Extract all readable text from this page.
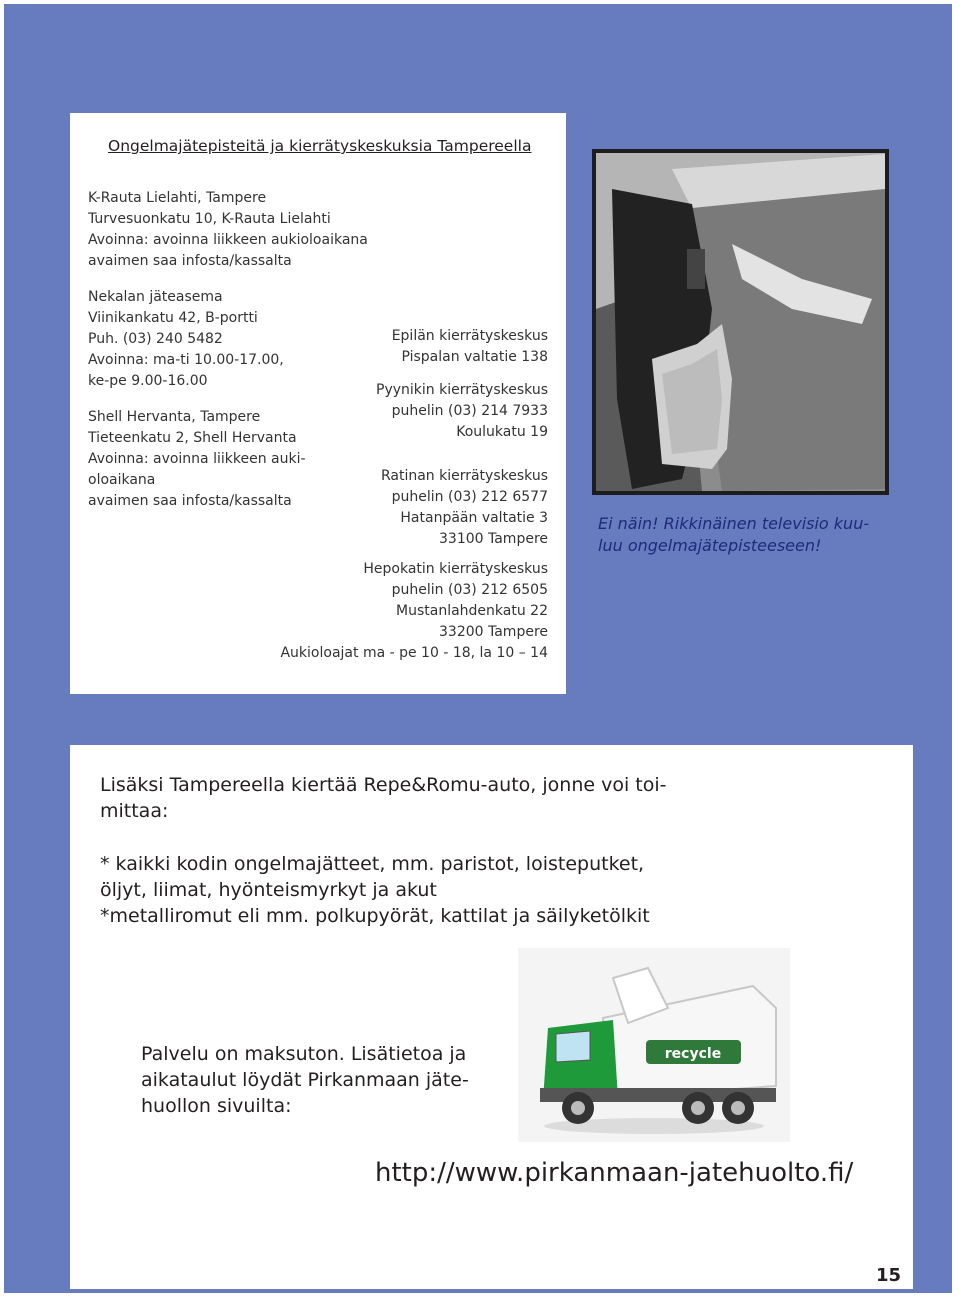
Ongelmajätepisteitä ja kierrätyskeskuksia Tampereella
K-Rauta Lielahti, Tampere
Turvesuonkatu 10, K-Rauta Lielahti
Avoinna: avoinna liikkeen aukioloaikana
avaimen saa infosta/kassalta
Nekalan jäteasema
Viinikankatu 42, B-portti
Puh. (03) 240 5482
Avoinna: ma-ti 10.00-17.00,
ke-pe 9.00-16.00
Shell Hervanta, Tampere
Tieteenkatu 2, Shell Hervanta
Avoinna: avoinna liikkeen auki-
oloaikana
avaimen saa infosta/kassalta
Epilän kierrätyskeskus
Pispalan valtatie 138
Pyynikin kierrätyskeskus
puhelin (03) 214 7933
Koulukatu 19
Ratinan kierrätyskeskus
puhelin (03) 212 6577
Hatanpään valtatie 3
33100 Tampere
Hepokatin kierrätyskeskus
puhelin (03) 212 6505
Mustanlahdenkatu 22
33200 Tampere
Aukioloajat ma - pe 10 - 18, la 10 – 14
Ei näin! Rikkinäinen televisio kuu-
luu ongelmajätepisteeseen!
Lisäksi Tampereella kiertää Repe&Romu-auto, jonne voi toi-
mittaa:
* kaikki kodin ongelmajätteet, mm. paristot, loisteputket,
öljyt, liimat, hyönteismyrkyt ja akut
*metalliromut eli mm. polkupyörät, kattilat ja säilyketölkit
recycle
Palvelu on maksuton. Lisätietoa ja
aikataulut löydät Pirkanmaan jäte-
huollon sivuilta:
http://www.pirkanmaan-jatehuolto.fi/
15
